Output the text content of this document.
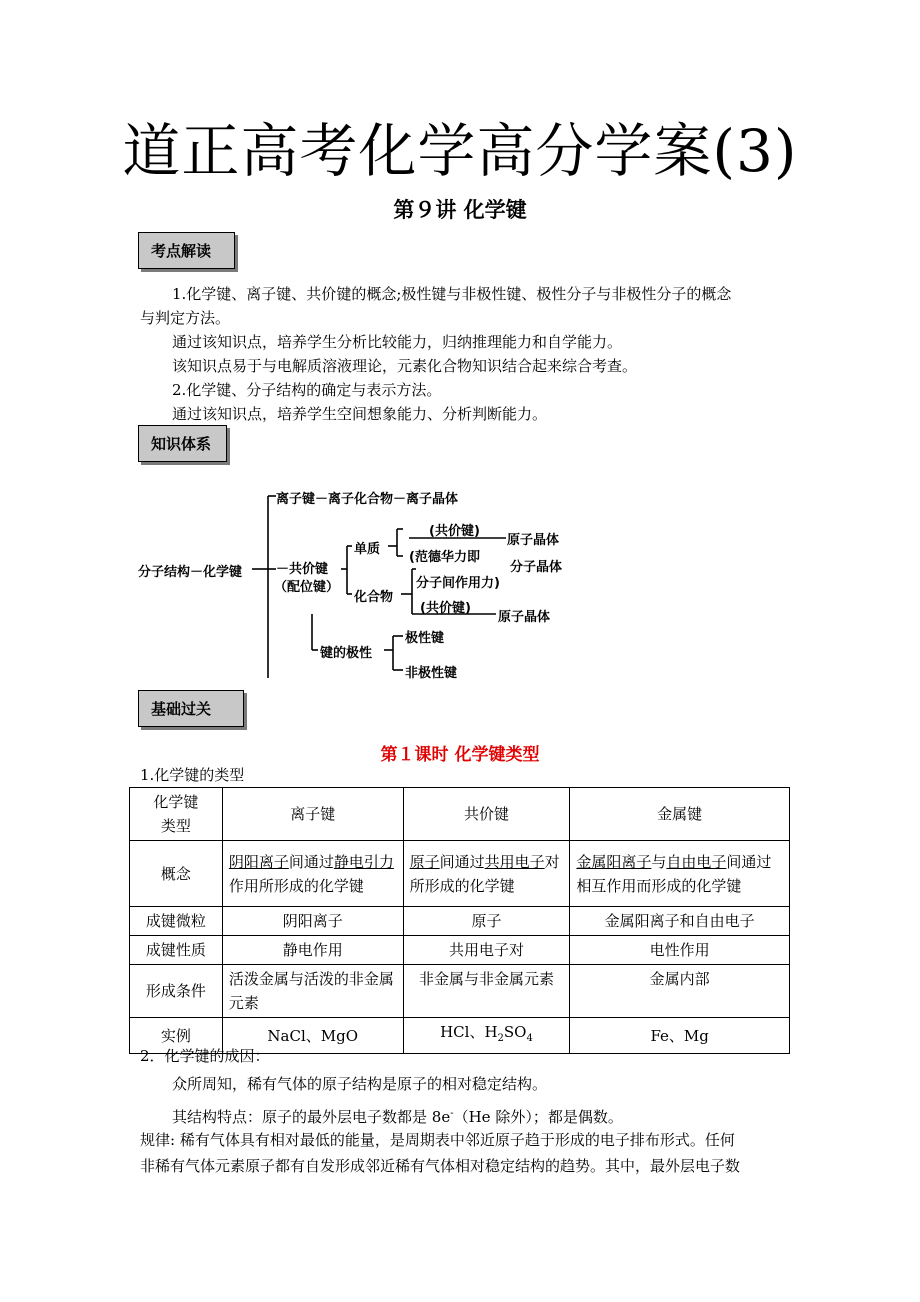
道正高考化学高分学案(3)
第９讲 化学键
考点解读
1.化学键、离子键、共价键的概念;极性键与非极性键、极性分子与非极性分子的概念
与判定方法。
通过该知识点，培养学生分析比较能力，归纳推理能力和自学能力。
该知识点易于与电解质溶液理论，元素化合物知识结合起来综合考查。
2.化学键、分子结构的确定与表示方法。
通过该知识点，培养学生空间想象能力、分析判断能力。
知识体系
分子结构－化学键
离子键－离子化合物－离子晶体
－共价键
（配位键）
单质
化合物
(共价键)
(范德华力即
分子间作用力)
(共价键)
原子晶体
分子晶体
原子晶体
键的极性
极性键
非极性键
基础过关
第１课时 化学键类型
1.化学键的类型
化学键
类型	离子键	共价键	金属键
概念	阴阳离子间通过静电引力作用所形成的化学键	原子间通过共用电子对所形成的化学键	金属阳离子与自由电子间通过相互作用而形成的化学键
成键微粒	阴阳离子	原子	金属阳离子和自由电子
成键性质	静电作用	共用电子对	电性作用
形成条件	活泼金属与活泼的非金属元素	非金属与非金属元素	金属内部
实例	NaCl、MgO	HCl、$H_2SO_4$	Fe、Mg
2．化学键的成因：
众所周知，稀有气体的原子结构是原子的相对稳定结构。
其结构特点：原子的最外层电子数都是 8e-（He 除外）；都是偶数。
规律: 稀有气体具有相对最低的能量，是周期表中邻近原子趋于形成的电子排布形式。任何
非稀有气体元素原子都有自发形成邻近稀有气体相对稳定结构的趋势。其中，最外层电子数
